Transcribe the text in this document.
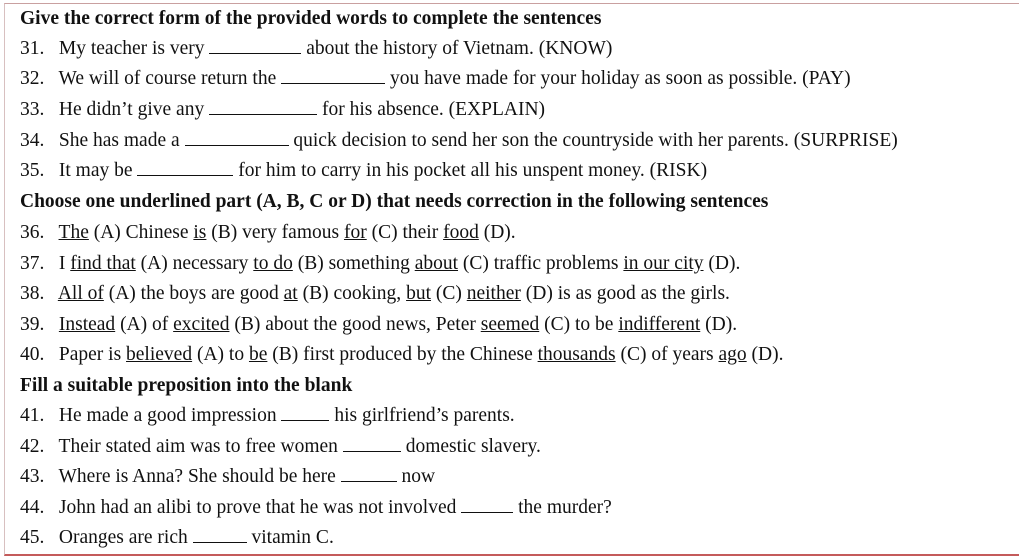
Give the correct form of the provided words to complete the sentences
31. My teacher is very	about the history of Vietnam. (KNOW)
32. We will of course return the	you have made for your holiday as soon as possible. (PAY)
33. He didn’t give any	for his absence. (EXPLAIN)
34. She has made a	quick decision to send her son the countryside with her parents. (SURPRISE)
35. It may be	for him to carry in his pocket all his unspent money. (RISK)
Choose one underlined part (A, B, C or D) that needs correction in the following sentences
36. The (A) Chinese is (B) very famous for (C) their food (D).
37. I find that (A) necessary to do (B) something about (C) traffic problems in our city (D).
38. All of (A) the boys are good at (B) cooking, but (C) neither (D) is as good as the girls.
39. Instead (A) of excited (B) about the good news, Peter seemed (C) to be indifferent (D).
40. Paper is believed (A) to be (B) first produced by the Chinese thousands (C) of years ago (D).
Fill a suitable preposition into the blank
41. He made a good impression	his girlfriend’s parents.
42. Their stated aim was to free women	domestic slavery.
43. Where is Anna? She should be here	now
44. John had an alibi to prove that he was not involved	the murder?
45. Oranges are rich	vitamin C.
